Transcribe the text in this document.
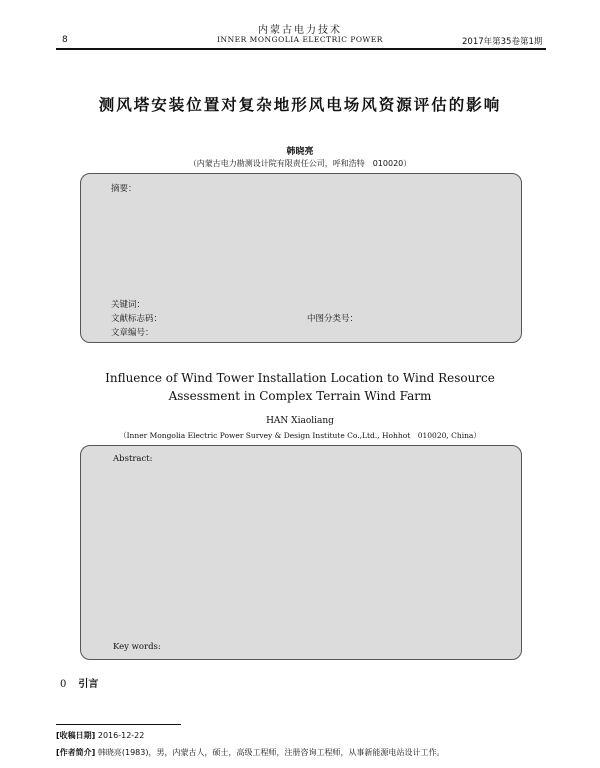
内蒙古电力技术
INNER MONGOLIA ELECTRIC POWER
8	2017年第35卷第1期
测风塔安装位置对复杂地形风电场风资源评估的影响
韩晓亮
（内蒙古电力勘测设计院有限责任公司，呼和浩特　010020）
摘要：
关键词：
文献标志码：	中图分类号：
文章编号：
Influence of Wind Tower Installation Location to Wind Resource
Assessment in Complex Terrain Wind Farm
HAN Xiaoliang
（Inner Mongolia Electric Power Survey & Design Institute Co.,Ltd., Hohhot　010020, China）
Abstract:
Key words:
0 引言
[收稿日期] 2016-12-22
[作者简介] 韩晓亮(1983)，男，内蒙古人，硕士，高级工程师，注册咨询工程师，从事新能源电站设计工作。
